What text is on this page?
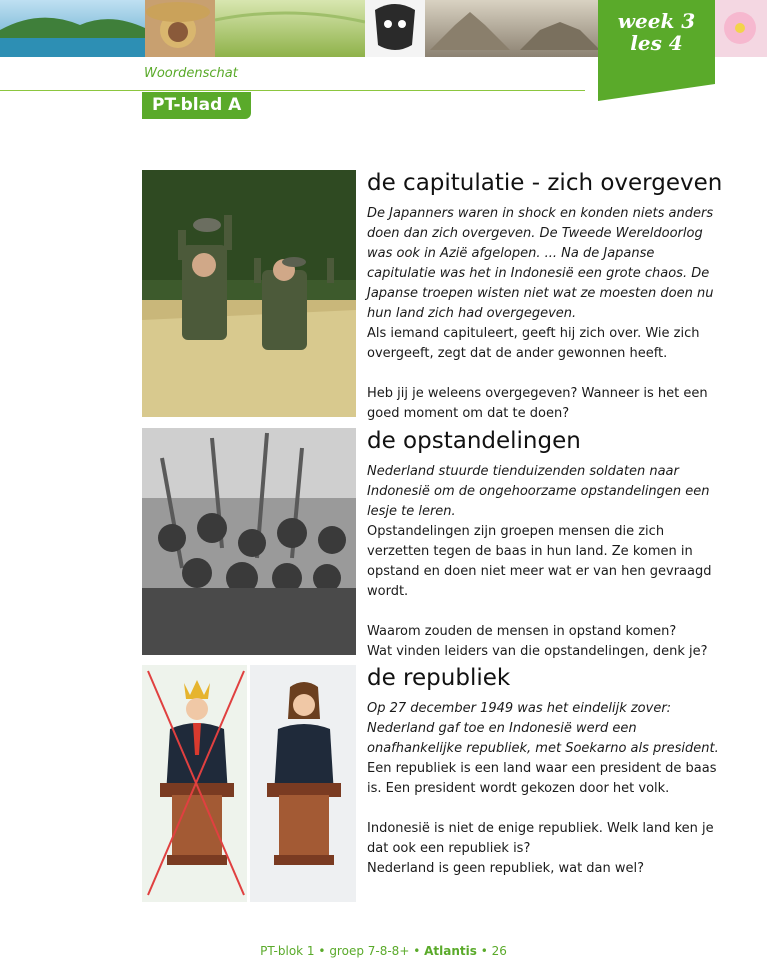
week 3
les 4
Woordenschat
PT-blad A
de capitulatie - zich overgeven

De Japanners waren in shock en konden niets anders doen dan zich overgeven. De Tweede Wereldoorlog was ook in Azië afgelopen. ... Na de Japanse capitulatie was het in Indonesië een grote chaos. De Japanse troepen wisten niet wat ze moesten doen nu hun land zich had overgegeven.

Als iemand capituleert, geeft hij zich over. Wie zich overgeeft, zegt dat de ander gewonnen heeft.

Heb jij je weleens overgegeven? Wanneer is het een goed moment om dat te doen?

de opstandelingen

Nederland stuurde tienduizenden soldaten naar Indonesië om de ongehoorzame opstandelingen een lesje te leren.

Opstandelingen zijn groepen mensen die zich verzetten tegen de baas in hun land. Ze komen in opstand en doen niet meer wat er van hen gevraagd wordt.

Waarom zouden de mensen in opstand komen?

Wat vinden leiders van die opstandelingen, denk je?

de republiek

Op 27 december 1949 was het eindelijk zover: Nederland gaf toe en Indonesië werd een onafhankelijke republiek, met Soekarno als president.

Een republiek is een land waar een president de baas is. Een president wordt gekozen door het volk.

Indonesië is niet de enige republiek. Welk land ken je dat ook een republiek is?

Nederland is geen republiek, wat dan wel?

PT-blok 1 • groep 7-8-8+ • Atlantis • 26
